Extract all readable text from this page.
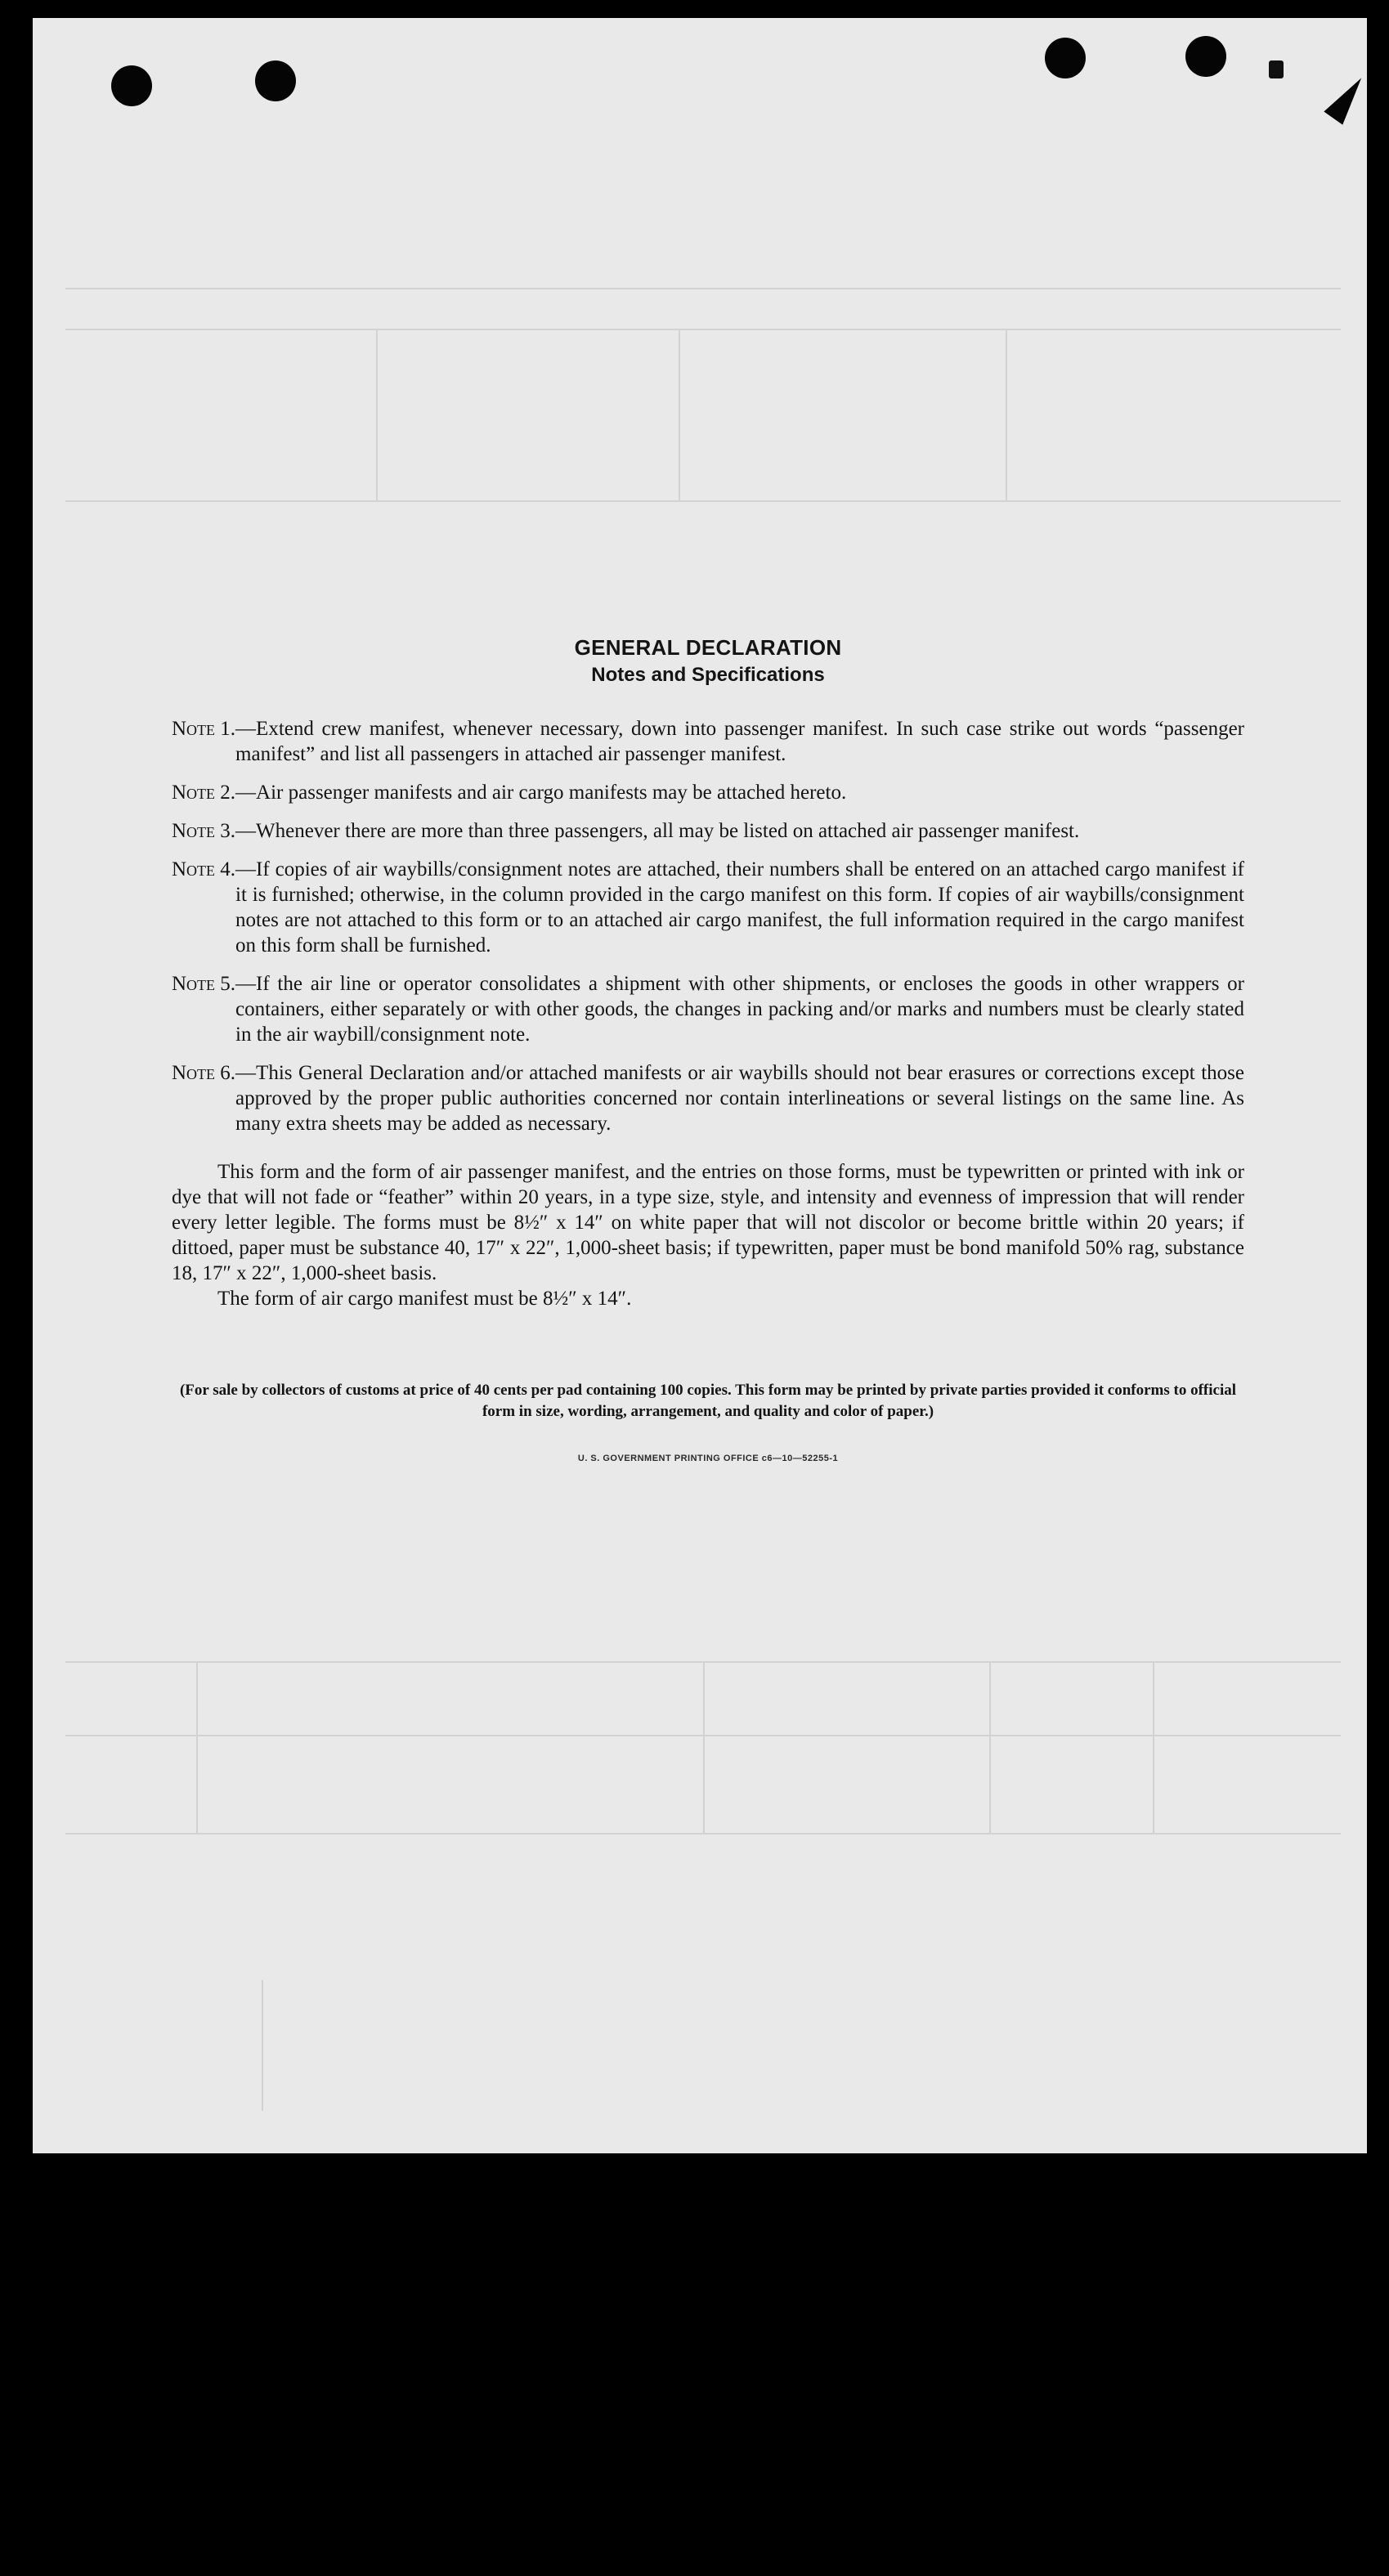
GENERAL DECLARATION
Notes and Specifications
Note 1. —Extend crew manifest, whenever necessary, down into passenger manifest. In such case strike out words “passenger manifest” and list all passengers in attached air passenger manifest.
Note 2. —Air passenger manifests and air cargo manifests may be attached hereto.
Note 3. —Whenever there are more than three passengers, all may be listed on attached air passenger manifest.
Note 4. —If copies of air waybills/consignment notes are attached, their numbers shall be entered on an attached cargo manifest if it is furnished; otherwise, in the column provided in the cargo manifest on this form. If copies of air waybills/consignment notes are not attached to this form or to an attached air cargo manifest, the full information required in the cargo manifest on this form shall be furnished.
Note 5. —If the air line or operator consolidates a shipment with other shipments, or encloses the goods in other wrappers or containers, either separately or with other goods, the changes in packing and/or marks and numbers must be clearly stated in the air waybill/consignment note.
Note 6. —This General Declaration and/or attached manifests or air waybills should not bear erasures or corrections except those approved by the proper public authorities concerned nor contain interlineations or several listings on the same line. As many extra sheets may be added as necessary.

This form and the form of air passenger manifest, and the entries on those forms, must be typewritten or printed with ink or dye that will not fade or “feather” within 20 years, in a type size, style, and intensity and evenness of impression that will render every letter legible. The forms must be 8½″ x 14″ on white paper that will not discolor or become brittle within 20 years; if dittoed, paper must be substance 40, 17″ x 22″, 1,000-sheet basis; if typewritten, paper must be bond manifold 50% rag, substance 18, 17″ x 22″, 1,000-sheet basis.

The form of air cargo manifest must be 8½″ x 14″.

(For sale by collectors of customs at price of 40 cents per pad containing 100 copies. This form may be printed by private parties provided it conforms to official form in size, wording, arrangement, and quality and color of paper.)
U. S. GOVERNMENT PRINTING OFFICE c6—10—52255-1
